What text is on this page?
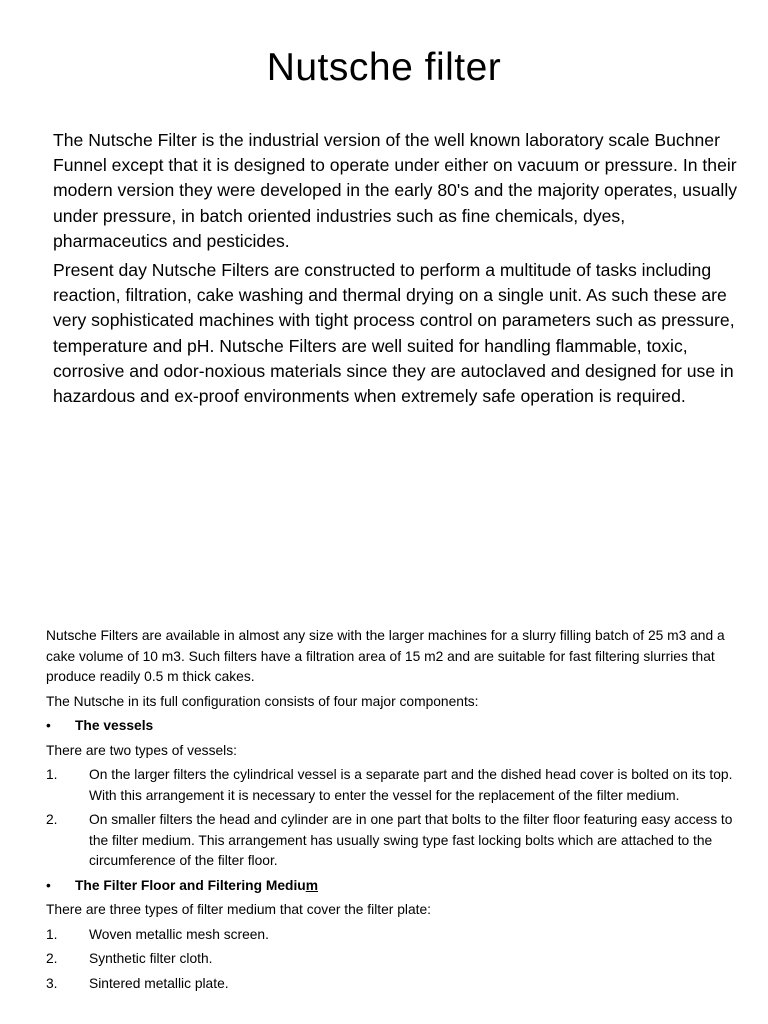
Nutsche filter

The Nutsche Filter is the industrial version of the well known laboratory scale Buchner Funnel except that it is designed to operate under either on vacuum or pressure. In their modern version they were developed in the early 80's and the majority operates, usually under pressure, in batch oriented industries such as fine chemicals, dyes, pharmaceutics and pesticides.

Present day Nutsche Filters are constructed to perform a multitude of tasks including reaction, filtration, cake washing and thermal drying on a single unit. As such these are very sophisticated machines with tight process control on parameters such as pressure, temperature and pH. Nutsche Filters are well suited for handling flammable, toxic, corrosive and odor-noxious materials since they are autoclaved and designed for use in hazardous and ex-proof environments when extremely safe operation is required.

Nutsche Filters are available in almost any size with the larger machines for a slurry filling batch of 25 m3 and a cake volume of 10 m3. Such filters have a filtration area of 15 m2 and are suitable for fast filtering slurries that produce readily 0.5 m thick cakes.

The Nutsche in its full configuration consists of four major components:

•	The vessels

There are two types of vessels:

1.	On the larger filters the cylindrical vessel is a separate part and the dished head cover is bolted on its top. With this arrangement it is necessary to enter the vessel for the replacement of the filter medium.
2.	On smaller filters the head and cylinder are in one part that bolts to the filter floor featuring easy access to the filter medium. This arrangement has usually swing type fast locking bolts which are attached to the circumference of the filter floor.
•	The Filter Floor and Filtering Medium

There are three types of filter medium that cover the filter plate:

1.	Woven metallic mesh screen.
2.	Synthetic filter cloth.
3.	Sintered metallic plate.
